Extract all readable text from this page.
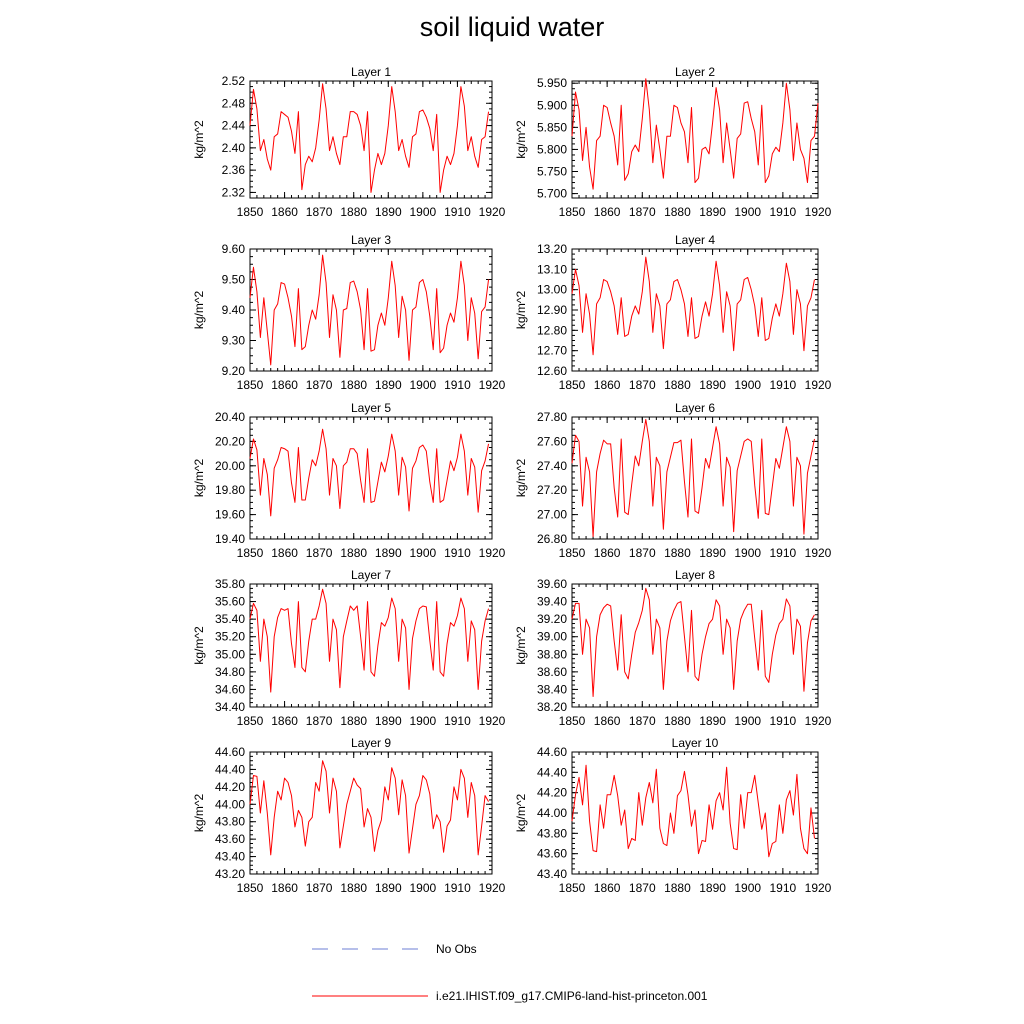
soil liquid water
Layer 1
1850 1860 1870 1880 1890 1900 1910 1920
2.32
2.36
2.40
2.44
2.48
2.52
kg/m^2
Layer 2
1850 1860 1870 1880 1890 1900 1910 1920
5.700
5.750
5.800
5.850
5.900
5.950
kg/m^2
Layer 3
1850 1860 1870 1880 1890 1900 1910 1920
9.20
9.30
9.40
9.50
9.60
kg/m^2
Layer 4
1850 1860 1870 1880 1890 1900 1910 1920
12.60
12.70
12.80
12.90
13.00
13.10
13.20
kg/m^2
Layer 5
1850 1860 1870 1880 1890 1900 1910 1920
19.40
19.60
19.80
20.00
20.20
20.40
kg/m^2
Layer 6
1850 1860 1870 1880 1890 1900 1910 1920
26.80
27.00
27.20
27.40
27.60
27.80
kg/m^2
Layer 7
1850 1860 1870 1880 1890 1900 1910 1920
34.40
34.60
34.80
35.00
35.20
35.40
35.60
35.80
kg/m^2
Layer 8
1850 1860 1870 1880 1890 1900 1910 1920
38.20
38.40
38.60
38.80
39.00
39.20
39.40
39.60
kg/m^2
Layer 9
1850 1860 1870 1880 1890 1900 1910 1920
43.20
43.40
43.60
43.80
44.00
44.20
44.40
44.60
kg/m^2
Layer 10
1850 1860 1870 1880 1890 1900 1910 1920
43.40
43.60
43.80
44.00
44.20
44.40
44.60
kg/m^2
No Obs
i.e21.IHIST.f09_g17.CMIP6-land-hist-princeton.001
